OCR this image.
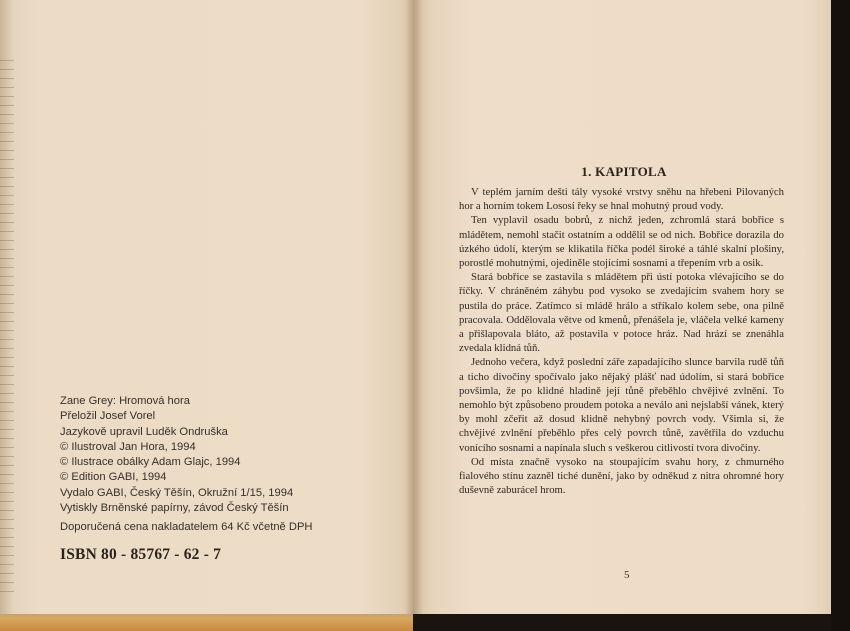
Zane Grey: Hromová hora
Přeložil Josef Vorel
Jazykově upravil Luděk Ondruška
© Ilustroval Jan Hora, 1994
© Ilustrace obálky Adam Glajc, 1994
© Edition GABI, 1994
Vydalo GABI, Český Těšín, Okružní 1/15, 1994
Vytiskly Brněnské papírny, závod Český Těšín
Doporučená cena nakladatelem 64 Kč včetně DPH
ISBN 80 - 85767 - 62 - 7
1. KAPITOLA

V teplém jarním dešti tály vysoké vrstvy sněhu na hřebeni Pilovaných hor a horním tokem Lososí řeky se hnal mohutný proud vody.

Ten vyplavil osadu bobrů, z nichž jeden, zchromlá stará bobřice s mládětem, nemohl stačit ostatním a oddělil se od nich. Bobřice dorazila do úzkého údolí, kterým se klikatila říčka podél široké a táhlé skalní plošiny, porostlé mohutnými, ojediněle stojícími sosnami a třepením vrb a osik.

Stará bobřice se zastavila s mládětem při ústí potoka vlévajícího se do říčky. V chráněném záhybu pod vysoko se zvedajícím svahem hory se pustila do práce. Zatímco si mládě hrálo a stříkalo kolem sebe, ona pilně pracovala. Oddělovala větve od kmenů, přenášela je, vláčela velké kameny a přišlapovala bláto, až postavila v potoce hráz. Nad hrází se znenáhla zvedala klidná tůň.

Jednoho večera, když poslední záře zapadajícího slunce barvila rudě tůň a ticho divočiny spočívalo jako nějaký plášť nad údolím, si stará bobřice povšimla, že po klidné hladině její tůně přeběhlo chvějivé zvlnění. To nemohlo být způsobeno proudem potoka a neválo ani nejslabší vánek, který by mohl zčeřit až dosud klidně nehybný povrch vody. Všimla si, že chvějivé zvlnění přeběhlo přes celý povrch tůně, zavětřila do vzduchu vonícího sosnami a napínala sluch s veškerou citlivostí tvora divočiny.

Od místa značně vysoko na stoupajícím svahu hory, z chmurného fialového stínu zazněl tiché dunění, jako by odněkud z nitra ohromné hory duševně zaburácel hrom.

5
